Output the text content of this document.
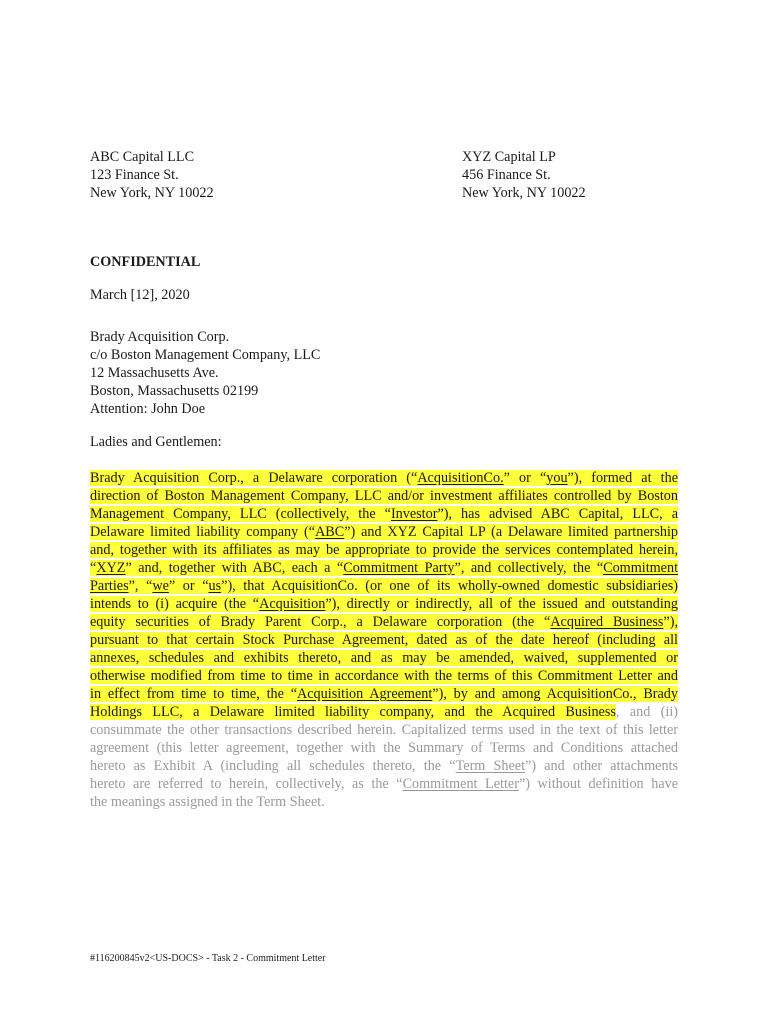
ABC Capital LLC
123 Finance St.
New York, NY 10022
XYZ Capital LP
456 Finance St.
New York, NY 10022
CONFIDENTIAL
March [12], 2020
Brady Acquisition Corp.
c/o Boston Management Company, LLC
12 Massachusetts Ave.
Boston, Massachusetts 02199
Attention: John Doe
Ladies and Gentlemen:
Brady Acquisition Corp., a Delaware corporation (“AcquisitionCo.” or “you”), formed at the
direction of Boston Management Company, LLC and/or investment affiliates controlled by Boston
Management Company, LLC (collectively, the “Investor”), has advised ABC Capital, LLC, a
Delaware limited liability company (“ABC”) and XYZ Capital LP (a Delaware limited partnership
and, together with its affiliates as may be appropriate to provide the services contemplated herein,
“XYZ” and, together with ABC, each a “Commitment Party”, and collectively, the “Commitment
Parties”, “we” or “us”), that AcquisitionCo. (or one of its wholly-owned domestic subsidiaries)
intends to (i) acquire (the “Acquisition”), directly or indirectly, all of the issued and outstanding
equity securities of Brady Parent Corp., a Delaware corporation (the “Acquired Business”),
pursuant to that certain Stock Purchase Agreement, dated as of the date hereof (including all
annexes, schedules and exhibits thereto, and as may be amended, waived, supplemented or
otherwise modified from time to time in accordance with the terms of this Commitment Letter and
in effect from time to time, the “Acquisition Agreement”), by and among AcquisitionCo., Brady
Holdings LLC, a Delaware limited liability company, and the Acquired Business, and (ii)
consummate the other transactions described herein. Capitalized terms used in the text of this letter
agreement (this letter agreement, together with the Summary of Terms and Conditions attached
hereto as Exhibit A (including all schedules thereto, the “Term Sheet”) and other attachments
hereto are referred to herein, collectively, as the “Commitment Letter”) without definition have
the meanings assigned in the Term Sheet.
#116200845v2<US-DOCS> - Task 2 - Commitment Letter
